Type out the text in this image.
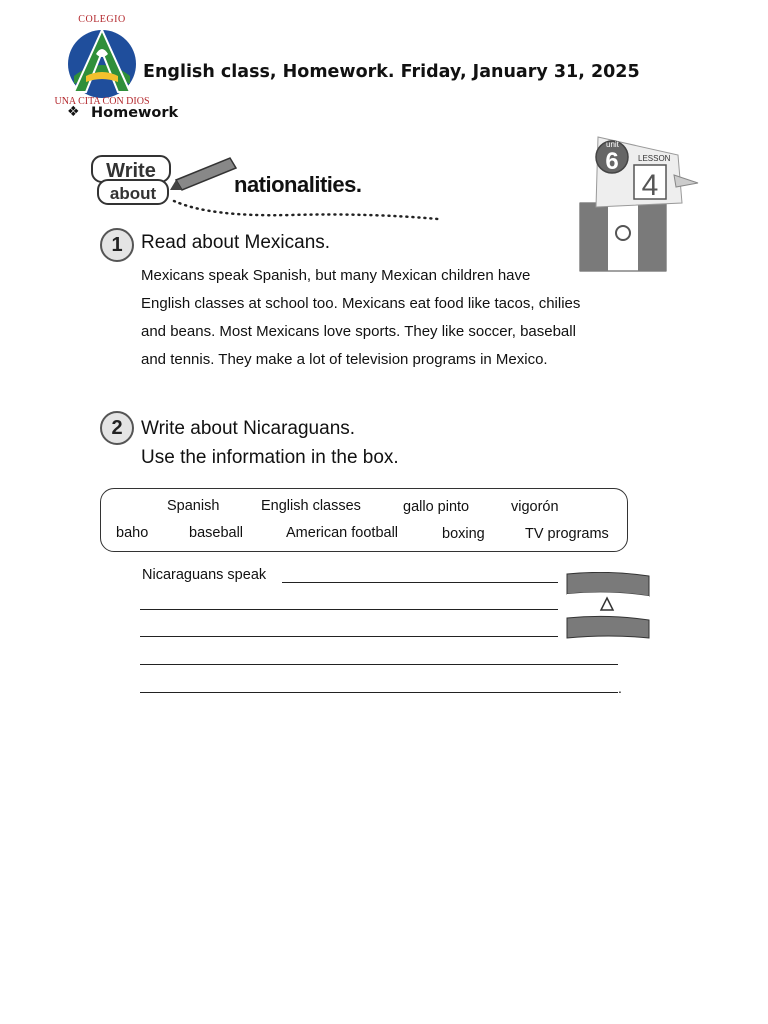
COLEGIO
UNA CITA CON DIOS
English class, Homework. Friday, January 31, 2025
❖ Homework
Write
about	nationalities.
unit
6 LESSON
4
1 Read about Mexicans.
Mexicans speak Spanish, but many Mexican children have
English classes at school too. Mexicans eat food like tacos, chilies
and beans. Most Mexicans love sports. They like soccer, baseball
and tennis. They make a lot of television programs in Mexico.
2 Write about Nicaraguans.
Use the information in the box.
Spanish	English classes	gallo pinto	vigorón
baho	baseball	American football	boxing	TV programs
Nicaraguans speak
.
